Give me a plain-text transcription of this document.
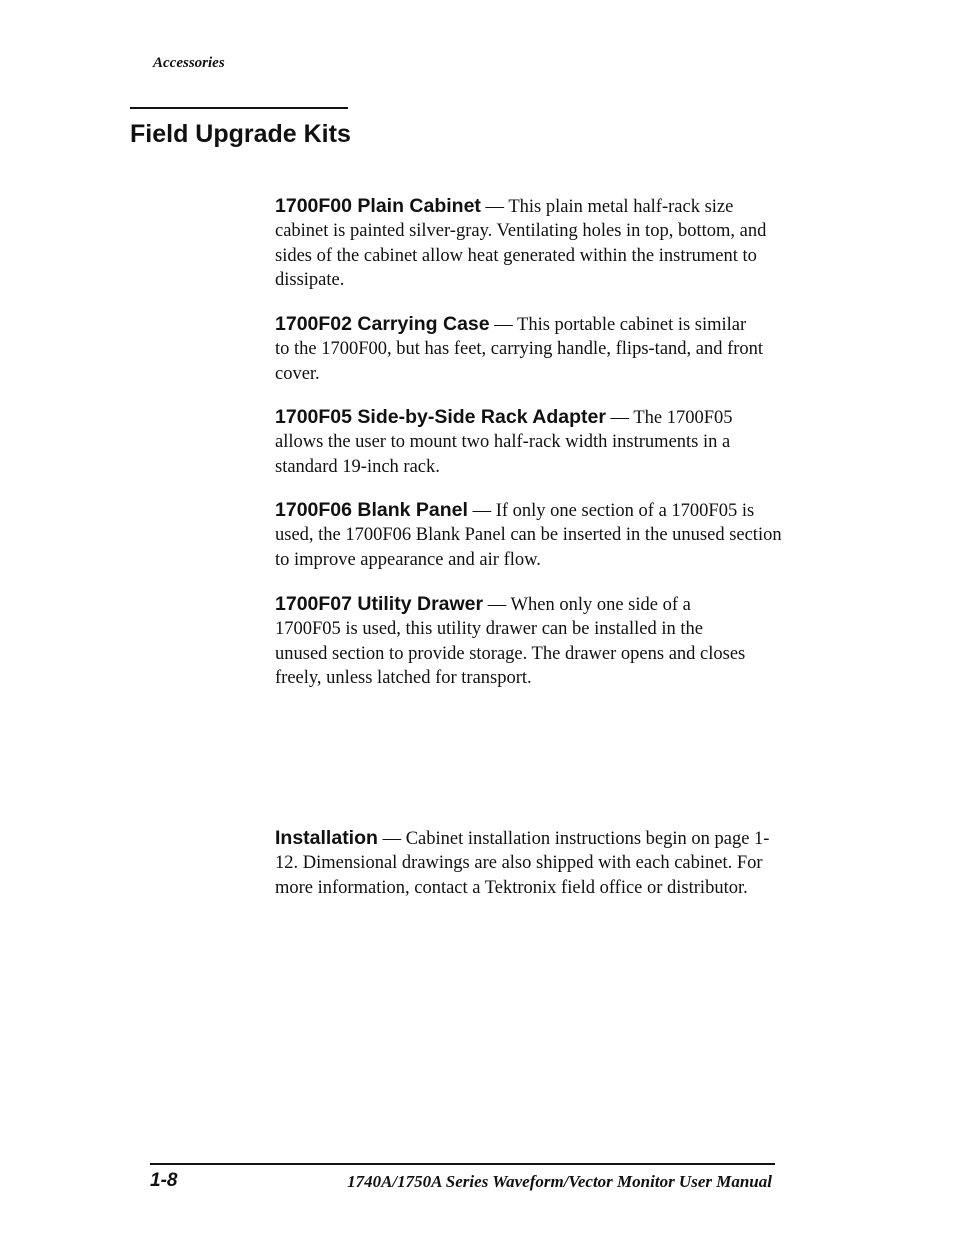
Accessories
Field Upgrade Kits

1700F00 Plain Cabinet — This plain metal half-rack size cabinet is painted silver-gray. Ventilating holes in top, bottom, and sides of the cabinet allow heat generated within the instrument to dissipate.

1700F02 Carrying Case — This portable cabinet is similar to the 1700F00, but has feet, carrying handle, flips-tand, and front cover.

1700F05 Side-by-Side Rack Adapter — The 1700F05 allows the user to mount two half-rack width instruments in a standard 19-inch rack.

1700F06 Blank Panel — If only one section of a 1700F05 is used, the 1700F06 Blank Panel can be inserted in the unused section to improve appearance and air flow.

1700F07 Utility Drawer — When only one side of a 1700F05 is used, this utility drawer can be installed in the unused section to provide storage. The drawer opens and closes freely, unless latched for transport.

Installation — Cabinet installation instructions begin on page 1-12. Dimensional drawings are also shipped with each cabinet. For more information, contact a Tektronix field office or distributor.

1-8	1740A/1750A Series Waveform/Vector Monitor User Manual
